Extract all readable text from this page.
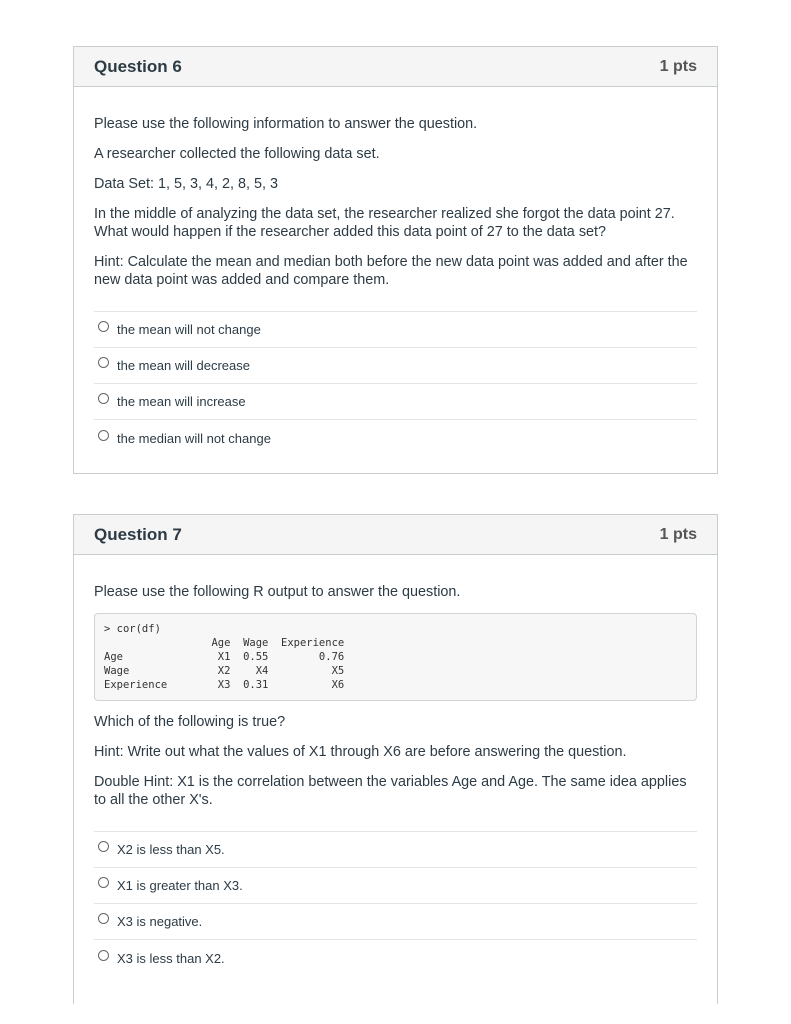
Question 6	1 pts

Please use the following information to answer the question.

A researcher collected the following data set.

Data Set: 1, 5, 3, 4, 2, 8, 5, 3

In the middle of analyzing the data set, the researcher realized she forgot the data point 27. What would happen if the researcher added this data point of 27 to the data set?

Hint: Calculate the mean and median both before the new data point was added and after the new data point was added and compare them.

the mean will not change
the mean will decrease
the mean will increase
the median will not change
Question 7	1 pts

Please use the following R output to answer the question.

> cor(df)
Age  Wage  Experience
Age               X1  0.55        0.76
Wage              X2    X4          X5
Experience        X3  0.31          X6

Which of the following is true?

Hint: Write out what the values of X1 through X6 are before answering the question.

Double Hint: X1 is the correlation between the variables Age and Age. The same idea applies to all the other X's.

X2 is less than X5.
X1 is greater than X3.
X3 is negative.
X3 is less than X2.
